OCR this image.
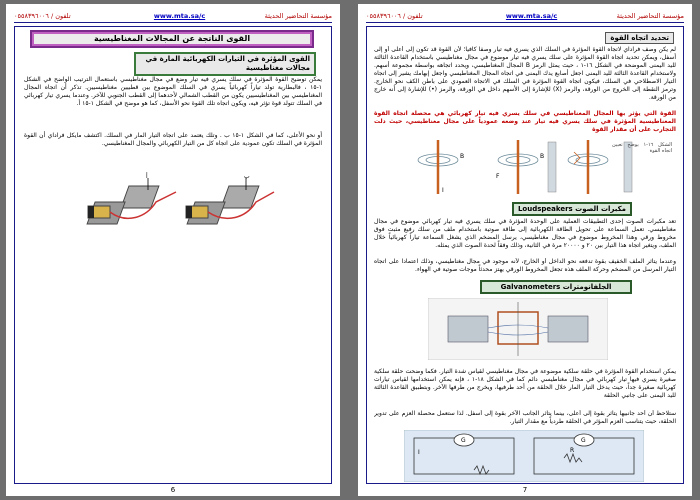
تلفون / ٠٥٥٨٣٩٦٠٠٦	www.mta.sa/c	مؤسسة التحاضير الحديثة
القوى الناتجة عن المجالات المغناطيسية
القوى المؤثرة في التيارات الكهربائية المارة في مجالات مغناطيسية
يمكن توضيح القوة المؤثرة في سلك يسري فيه تيار وضع في مجال مغناطيسي باستعمال الترتيب الواضح في الشكل ١-١٥ ، فالبطارية تولد تياراً كهربائياً يسري في السلك الموضوع بين قطبيين مغناطيسيين. تذكر أن اتجاه المجال المغناطيسي بين المغناطيسيين يكون من القطب الشمالي لأحدهما إلى القطب الجنوبي للآخر. وعندما يسري تيار كهربائي في السلك تتولد قوة تؤثر فيه، ويكون اتجاه تلك القوة نحو الأسفل، كما هو موضح في الشكل ١-١٥ أ.
أو نحو الأعلى، كما في الشكل ١-١٥ ب . وتلك يعتمد على اتجاه التيار المار في السلك. اكتشف مايكل فراداي أن القوة المؤثرة في السلك تكون عمودية على اتجاه كل من التيار الكهربائي والمجال المغناطيسي.
أ	ب
6
تلفون / ٠٥٥٨٣٩٦٠٠٦	www.mta.sa/c	مؤسسة التحاضير الحديثة
تحديد اتجاه القوة
لم يكن وصف فراداي لاتجاه القوة المؤثرة في السلك الذي يسري فيه تيار وصفاً كافياً؛ لأن القوة قد تكون إلى أعلى أو إلى أسفل، ويمكن تحديد اتجاه القوة المؤثرة على سلك يسري فيه تيار موضوع في مجال مغناطيسي باستخدام القاعدة الثالثة لليد اليمنى الموضحة في الشكل ١٦-١ ، حيث يمثل الرمز B المجال المغناطيسي، ويحدد اتجاهه بواسطة مجموعة أسهم. ولاستخدام القاعدة الثالثة لليد اليمنى اجعل أصابع يدك اليمنى في اتجاه المجال المغناطيسي واجعل إبهامك يشير إلى اتجاه التيار الاصطلاحي في السلك، فيكون اتجاه القوة المؤثرة في السلك في الاتجاه العمودي على باطن الكف نحو الخارج. وترمز النقطة إلى الخروج من الورقة، والرمز (X) للإشارة إلى الأسهم داخل في الورقة، والرمز (•) للإشارة إلى أنه خارج من الورقة.
القوة التي يؤثر بها المجال المغناطيسي في سلك يسري فيه تيار كهربائي هي محصلة اتجاه القوة المغناطيسية المؤثرة في سلك يسري فيه تيار عند وضعه عمودياً على مجال مغناطيسي، حيث دلت التجارب على أن مقدار القوة
B	B
I
F
الشكل ١٦-١ يوضح تعيين اتجاه القوة
مكبرات الصوت Loudspeakers
تعد مكبرات الصوت إحدى التطبيقات العملية على الوحدة المؤثرة في سلك يسري فيه تيار كهربائي موضوع في مجال مغناطيسي. تعمل السماعة على تحويل الطاقة الكهربائية إلى طاقة صوتية باستخدام ملف من سلك رفيع مثبت فوق مخروط ورقي وهذا المخروط موضوع في مجال مغناطيسي، يرسل المضخم الذي يشغل السماعة تياراً كهربائياً خلال الملف، ويتغير اتجاه هذا التيار بين ٢٠ و ٢٠٠٠٠ مرة في الثانية، وذلك وفقاً لحدة الصوت الذي يمثله.
وعندما يتأثر الملف الخفيف بقوة تدفعه نحو الداخل أو الخارج، لأنه موجود في مجال مغناطيسي، وذلك اعتماداً على اتجاه التيار المرسل من المضخم وحركة الملف هذه تجعل المخروط الورقي يهتز محدثاً موجات صوتية في الهواء.
الجلفانومترات Galvanometers
يمكن استخدام القوة المؤثرة في حلقة سلكية موضوعة في مجال مغناطيسي لقياس شدة التيار. فكما وضحت حلقة سلكية صغيرة يسري فيها تيار كهربائي في مجال مغناطيسي دائم كما في الشكل ١٨-١ ، فإنه يمكن استخدامها لقياس تيارات كهربائية صغيرة جداً، حيث يدخل التيار المار خلال الحلقة من أحد طرفيها، ويخرج من طرفها الآخر. وبتطبيق القاعدة الثالثة لليد اليمنى على جانبي الحلقة
ستلاحظ أن أحد جانبيها يتأثر بقوة إلى أعلى، بينما يتأثر الجانب الآخر بقوة إلى أسفل. لذا ستعمل محصلة العزم على تدوير الحلقة، حيث يتناسب العزم المؤثر في الحلقة طردياً مع مقدار التيار.
G
I
G
R
7
